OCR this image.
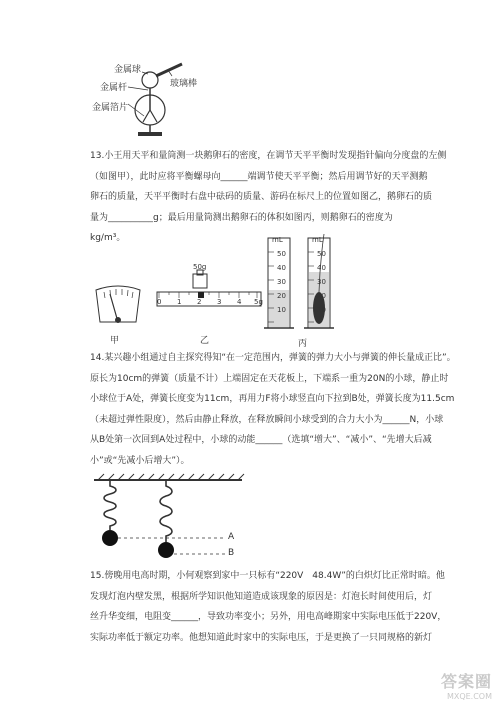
金属球
金属杆	玻璃棒
金属箔片
13.小王用天平和量筒测一块鹅卵石的密度，在调节天平平衡时发现指针偏向分度盘的左侧
（如图甲），此时应将平衡螺母向______端调节使天平平衡；然后用调节好的天平测鹅
卵石的质量，天平平衡时右盘中砝码的质量、游码在标尺上的位置如图乙，鹅卵石的质
量为__________g；最后用量筒测出鹅卵石的体积如图丙，则鹅卵石的密度为
kg/m³。
甲
50g
0 1 2 3 4 5g
乙
mL
50
40
30
20
10
mL
50
40
30
20
10
丙
14.某兴趣小组通过自主探究得知“在一定范围内，弹簧的弹力大小与弹簧的伸长量成正比”。
原长为10cm的弹簧（质量不计）上端固定在天花板上，下端系一重为20N的小球，静止时
小球位于A处，弹簧长度变为11cm，再用力F将小球竖直向下拉到B处，弹簧长度为11.5cm
（未超过弹性限度），然后由静止释放，在释放瞬间小球受到的合力大小为______N，小球
从B处第一次回到A处过程中，小球的动能______（选填“增大”、“减小”、“先增大后减
小”或“先减小后增大”）。
A
B
15.傍晚用电高时期，小何观察到家中一只标有“220V　48.4W”的白炽灯比正常时暗。他
发现灯泡内壁发黑，根据所学知识他知道造成该现象的原因是：灯泡长时间使用后，灯
丝升华变细，电阻变______，导致功率变小；另外，用电高峰期家中实际电压低于220V，
实际功率低于额定功率。他想知道此时家中的实际电压，于是更换了一只同规格的新灯
答案圈
MXQE.COM
